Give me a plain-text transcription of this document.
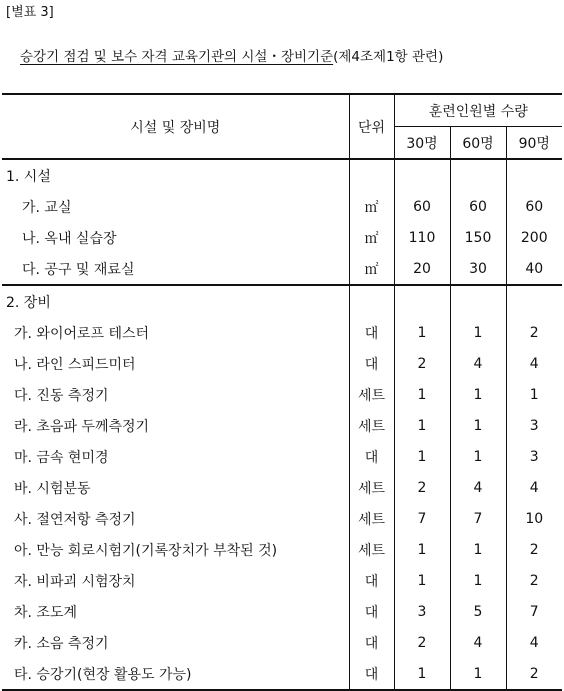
[별표 3]
승강기 점검 및 보수 자격 교육기관의 시설・장비기준(제4조제1항 관련)
시설 및 장비명	단위	훈련인원별 수량		
		30명	60명	90명
1. 시설				
가. 교실	㎡	60	60	60
나. 옥내 실습장	㎡	110	150	200
다. 공구 및 재료실	㎡	20	30	40
2. 장비				
가. 와이어로프 테스터	대	1	1	2
나. 라인 스피드미터	대	2	4	4
다. 진동 측정기	세트	1	1	1
라. 초음파 두께측정기	세트	1	1	3
마. 금속 현미경	대	1	1	3
바. 시험분동	세트	2	4	4
사. 절연저항 측정기	세트	7	7	10
아. 만능 회로시험기(기록장치가 부착된 것)	세트	1	1	2
자. 비파괴 시험장치	대	1	1	2
차. 조도계	대	3	5	7
카. 소음 측정기	대	2	4	4
타. 승강기(현장 활용도 가능)	대	1	1	2
